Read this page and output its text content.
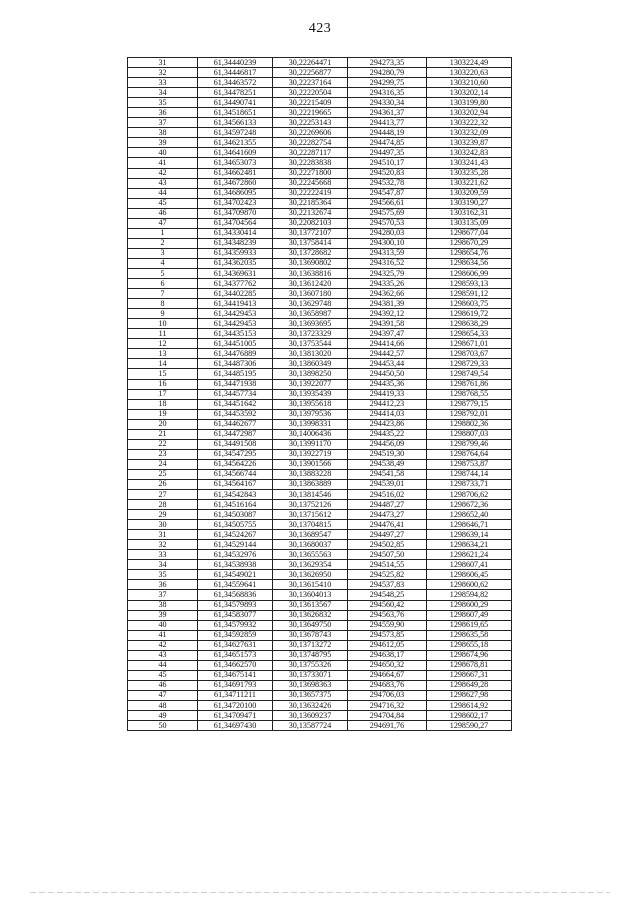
423
31	61,34440239	30,22264471	294273,35	1303224,49
32	61,34446817	30,22256877	294280,79	1303220,63
33	61,34463572	30,22237164	294299,75	1303210,60
34	61,34478251	30,22220504	294316,35	1303202,14
35	61,34490741	30,22215409	294330,34	1303199,80
36	61,34518651	30,22219665	294361,37	1303202,94
37	61,34566133	30,22253143	294413,77	1303222,32
38	61,34597248	30,22269606	294448,19	1303232,09
39	61,34621355	30,22282754	294474,85	1303239,87
40	61,34641609	30,22287117	294497,35	1303242,83
41	61,34653073	30,22283838	294510,17	1303241,43
42	61,34662481	30,22271800	294520,83	1303235,28
43	61,34672860	30,22245668	294532,78	1303221,62
44	61,34686095	30,22222419	294547,87	1303209,59
45	61,34702423	30,22185364	294566,61	1303190,27
46	61,34709870	30,22132674	294575,69	1303162,31
47	61,34704564	30,22082103	294570,53	1303135,09
1	61,34330414	30,13772107	294280,03	1298677,04
2	61,34348239	30,13758414	294300,10	1298670,29
3	61,34359933	30,13728682	294313,59	1298654,76
4	61,34362035	30,13690802	294316,52	1298634,56
5	61,34369631	30,13638816	294325,79	1298606,99
6	61,34377762	30,13612420	294335,26	1298593,13
7	61,34402285	30,13607180	294362,66	1298591,12
8	61,34419413	30,13629748	294381,39	1298603,75
9	61,34429453	30,13658987	294392,12	1298619,72
10	61,34429453	30,13693695	294391,58	1298638,29
11	61,34435153	30,13723329	294397,47	1298654,33
12	61,34451005	30,13753544	294414,66	1298671,01
13	61,34476889	30,13813020	294442,57	1298703,67
14	61,34487306	30,13860349	294453,44	1298729,33
15	61,34485195	30,13898250	294450,50	1298749,54
16	61,34471938	30,13922077	294435,36	1298761,86
17	61,34457734	30,13935439	294419,33	1298768,55
18	61,34451642	30,13955618	294412,23	1298779,15
19	61,34453592	30,13979536	294414,03	1298792,01
20	61,34462677	30,13998331	294423,86	1298802,36
21	61,34472987	30,14006436	294435,22	1298807,03
22	61,34491508	30,13991170	294456,09	1298799,46
23	61,34547295	30,13922719	294519,30	1298764,64
24	61,34564226	30,13901566	294538,49	1298753,87
25	61,34566744	30,13883228	294541,58	1298744,14
26	61,34564167	30,13863889	294539,01	1298733,71
27	61,34542843	30,13814546	294516,02	1298706,62
28	61,34516164	30,13752126	294487,27	1298672,36
29	61,34503087	30,13715612	294473,27	1298652,40
30	61,34505755	30,13704815	294476,41	1298646,71
31	61,34524267	30,13689547	294497,27	1298639,14
32	61,34529144	30,13680037	294502,85	1298634,21
33	61,34532976	30,13655563	294507,50	1298621,24
34	61,34538938	30,13629354	294514,55	1298607,41
35	61,34549021	30,13626950	294525,82	1298606,45
36	61,34559641	30,13615410	294537,83	1298600,62
37	61,34568836	30,13604013	294548,25	1298594,82
38	61,34579893	30,13613567	294560,42	1298600,29
39	61,34583077	30,13626832	294563,76	1298607,49
40	61,34579932	30,13649750	294559,90	1298619,65
41	61,34592859	30,13678743	294573,85	1298635,58
42	61,34627631	30,13713272	294612,05	1298655,18
43	61,34651573	30,13748795	294638,17	1298674,96
44	61,34662570	30,13755326	294650,32	1298678,81
45	61,34675141	30,13733071	294664,67	1298667,31
46	61,34691793	30,13698363	294683,76	1298649,28
47	61,34711211	30,13657375	294706,03	1298627,98
48	61,34720100	30,13632426	294716,32	1298614,92
49	61,34709471	30,13609237	294704,84	1298602,17
50	61,34697430	30,13587724	294691,76	1298590,27
